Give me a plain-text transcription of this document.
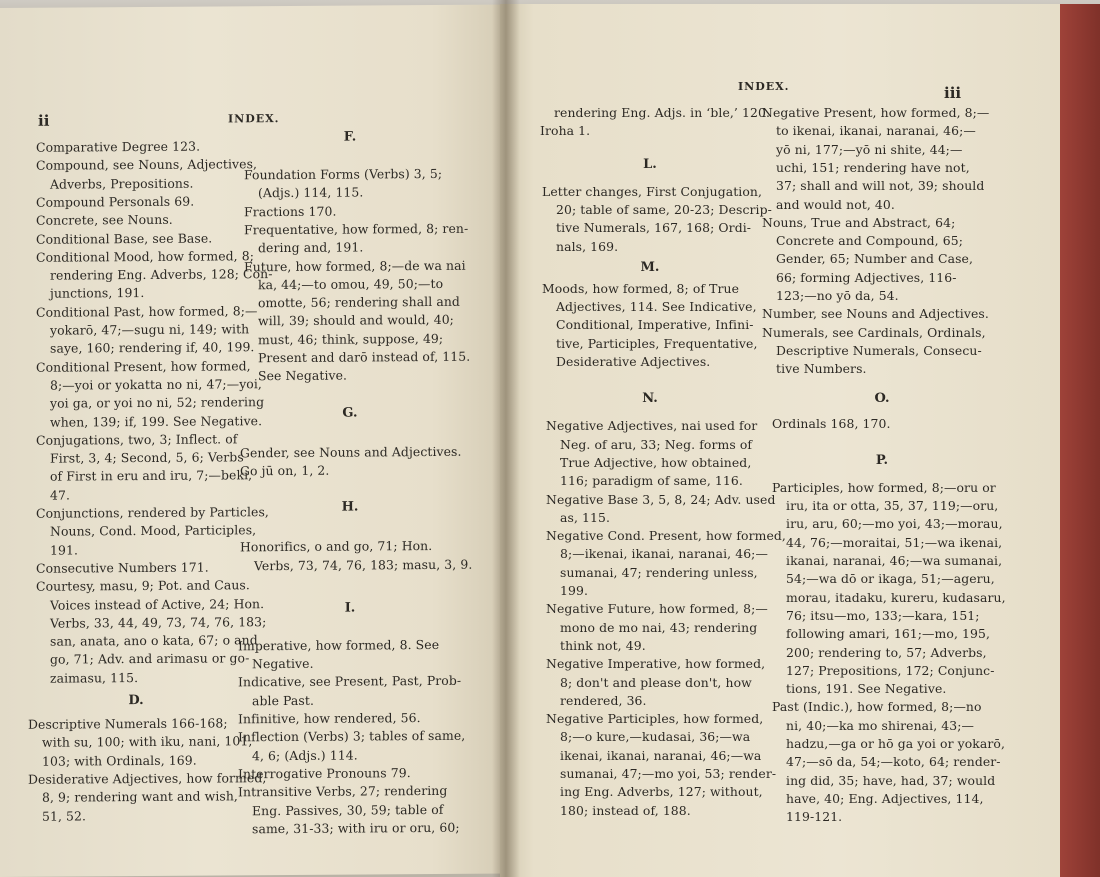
ii	INDEX.
Comparative Degree 123.
Compound, see Nouns, Adjectives,
Adverbs, Prepositions.
Compound Personals 69.
Concrete, see Nouns.
Conditional Base, see Base.
Conditional Mood, how formed, 8;
rendering Eng. Adverbs, 128; Con-
junctions, 191.
Conditional Past, how formed, 8;—
yokarō, 47;—sugu ni, 149; with
saye, 160; rendering if, 40, 199.
Conditional Present, how formed,
8;—yoi or yokatta no ni, 47;—yoi,
yoi ga, or yoi no ni, 52; rendering
when, 139; if, 199. See Negative.
Conjugations, two, 3; Inflect. of
First, 3, 4; Second, 5, 6; Verbs
of First in eru and iru, 7;—beki,
47.
Conjunctions, rendered by Particles,
Nouns, Cond. Mood, Participles,
191.
Consecutive Numbers 171.
Courtesy, masu, 9; Pot. and Caus.
Voices instead of Active, 24; Hon.
Verbs, 33, 44, 49, 73, 74, 76, 183;
san, anata, ano o kata, 67; o and
go, 71; Adv. and arimasu or go-
zaimasu, 115.
D.
Descriptive Numerals 166-168;
with su, 100; with iku, nani, 101,
103; with Ordinals, 169.
Desiderative Adjectives, how formed,
8, 9; rendering want and wish,
51, 52.
F.
Foundation Forms (Verbs) 3, 5;
(Adjs.) 114, 115.
Fractions 170.
Frequentative, how formed, 8; ren-
dering and, 191.
Future, how formed, 8;—de wa nai
ka, 44;—to omou, 49, 50;—to
omotte, 56; rendering shall and
will, 39; should and would, 40;
must, 46; think, suppose, 49;
Present and darō instead of, 115.
See Negative.
G.
Gender, see Nouns and Adjectives.
Go jū on, 1, 2.
H.
Honorifics, o and go, 71; Hon.
Verbs, 73, 74, 76, 183; masu, 3, 9.
I.
Imperative, how formed, 8. See
Negative.
Indicative, see Present, Past, Prob-
able Past.
Infinitive, how rendered, 56.
Inflection (Verbs) 3; tables of same,
4, 6; (Adjs.) 114.
Interrogative Pronouns 79.
Intransitive Verbs, 27; rendering
Eng. Passives, 30, 59; table of
same, 31-33; with iru or oru, 60;
INDEX.	iii
rendering Eng. Adjs. in ‘ble,’ 120.
Iroha 1.
L.
Letter changes, First Conjugation,
20; table of same, 20-23; Descrip-
tive Numerals, 167, 168; Ordi-
nals, 169.
M.
Moods, how formed, 8; of True
Adjectives, 114. See Indicative,
Conditional, Imperative, Infini-
tive, Participles, Frequentative,
Desiderative Adjectives.
N.
Negative Adjectives, nai used for
Neg. of aru, 33; Neg. forms of
True Adjective, how obtained,
116; paradigm of same, 116.
Negative Base 3, 5, 8, 24; Adv. used
as, 115.
Negative Cond. Present, how formed,
8;—ikenai, ikanai, naranai, 46;—
sumanai, 47; rendering unless,
199.
Negative Future, how formed, 8;—
mono de mo nai, 43; rendering
think not, 49.
Negative Imperative, how formed,
8; don't and please don't, how
rendered, 36.
Negative Participles, how formed,
8;—o kure,—kudasai, 36;—wa
ikenai, ikanai, naranai, 46;—wa
sumanai, 47;—mo yoi, 53; render-
ing Eng. Adverbs, 127; without,
180; instead of, 188.
Negative Present, how formed, 8;—
to ikenai, ikanai, naranai, 46;—
yō ni, 177;—yō ni shite, 44;—
uchi, 151; rendering have not,
37; shall and will not, 39; should
and would not, 40.
Nouns, True and Abstract, 64;
Concrete and Compound, 65;
Gender, 65; Number and Case,
66; forming Adjectives, 116-
123;—no yō da, 54.
Number, see Nouns and Adjectives.
Numerals, see Cardinals, Ordinals,
Descriptive Numerals, Consecu-
tive Numbers.
O.
Ordinals 168, 170.
P.
Participles, how formed, 8;—oru or
iru, ita or otta, 35, 37, 119;—oru,
iru, aru, 60;—mo yoi, 43;—morau,
44, 76;—moraitai, 51;—wa ikenai,
ikanai, naranai, 46;—wa sumanai,
54;—wa dō or ikaga, 51;—ageru,
morau, itadaku, kureru, kudasaru,
76; itsu—mo, 133;—kara, 151;
following amari, 161;—mo, 195,
200; rendering to, 57; Adverbs,
127; Prepositions, 172; Conjunc-
tions, 191. See Negative.
Past (Indic.), how formed, 8;—no
ni, 40;—ka mo shirenai, 43;—
hadzu,—ga or hō ga yoi or yokarō,
47;—sō da, 54;—koto, 64; render-
ing did, 35; have, had, 37; would
have, 40; Eng. Adjectives, 114,
119-121.
